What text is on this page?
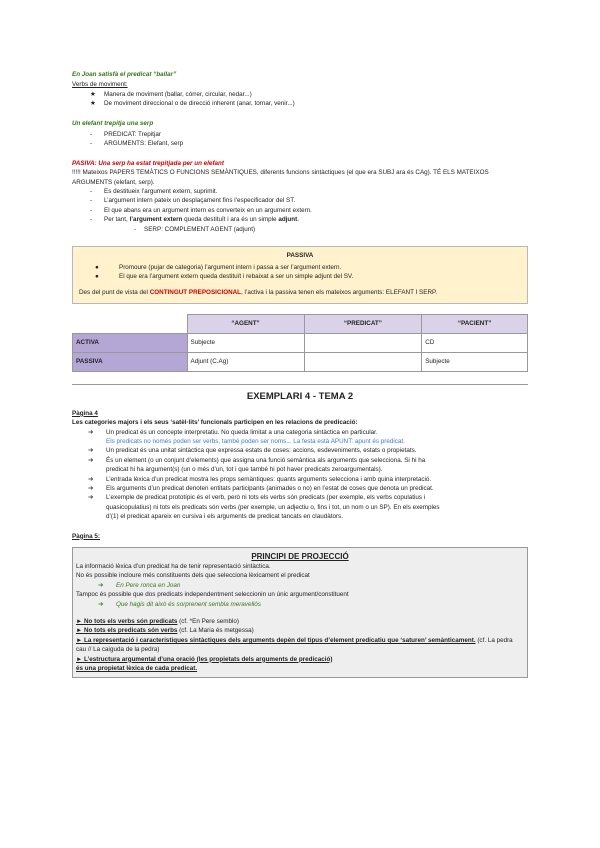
En Joan satisfà el predicat “ballar”
Verbs de moviment:
★ Manera de moviment (ballar, córrer, circular, nedar...)
★ De moviment direccional o de direcció inherent (anar, tornar, venir...)
Un elefant trepitja una serp
- PREDICAT: Trepitjar
- ARGUMENTS: Elefant, serp
PASIVA: Una serp ha estat trepitjada per un elefant
!!!!! Mateixos PAPERS TEMÀTICS O FUNCIONS SEMÀNTIQUES, diferents funcions sintàctiques (el que era SUBJ ara és CAg). TÉ ELS MATEIXOS ARGUMENTS (elefant, serp).
- Es destitueix l’argument extern, suprimit.
- L’argument intern pateix un desplaçament fins l’especificador del ST.
- El que abans era un argument intern es converteix en un argument extern.
- Per tant, l’argument extern queda destituït i ara és un simple adjunt.
- SERP: COMPLEMENT AGENT (adjunt)
PASSIVA
●	Promoure (pujar de categoria) l’argument intern i passa a ser l’argument extern.
●	El que era l’argument extern queda destituït i rebaixat a ser un simple adjunt del SV.
Des del punt de vista del CONTINGUT PREPOSICIONAL, l’activa i la passiva tenen els mateixos arguments: ELEFANT I SERP.
	“AGENT”	“PREDICAT”	“PACIENT”
ACTIVA	Subjecte		CD
PASSIVA	Adjunt (C.Ag)		Subjecte
EXEMPLARI 4 - TEMA 2
Pàgina 4
Les categories majors i els seus ‘satèl·lits’ funcionals participen en les relacions de predicació:
➔ Un predicat és un concepte interpretatiu. No queda limitat a una categoria sintàctica en particular.
Els predicats no només poden ser verbs, també poden ser noms... La festa està APUNT: apunt és predicat.
➔ Un predicat és una unitat sintàctica que expressa estats de coses: accions, esdeveniments, estats o propietats.
➔ És un element (o un conjunt d’elements) que assigna una funció semàntica als arguments que selecciona. Si hi ha
predicat hi ha argument(s) (un o més d’un, tot i que també hi pot haver predicats zeroargumentals).
➔ L’entrada lèxica d’un predicat mostra les props semàntiques: quants arguments selecciona i amb quina interpretació.
➔ Els arguments d’un predicat denoten entitats participants (animades o no) en l’estat de coses que denota un predicat.
➔ L’exemple de predicat prototípic és el verb, però ni tots els verbs són predicats (per exemple, els verbs copulatius i
quasicopulatius) ni tots els predicats són verbs (per exemple, un adjectiu o, fins i tot, un nom o un SP). En els exemples
d’(1) el predicat apareix en cursiva i els arguments de predicat tancats en claudàtors.
Pàgina 5:
PRINCIPI DE PROJECCIÓ
La informació lèxica d’un predicat ha de tenir representació sintàctica.
No és possible incloure més constituents dels que selecciona lèxicament el predicat
➔ En Pere ronca en Joan
Tampoc és possible que dos predicats independentment seleccionin un únic argument/constituent
➔ Que hagis dit això és sorprenent sembla meravellós
► No tots els verbs són predicats (cf. *En Pere semblo)
► No tots els predicats són verbs (cf. La Maria és metgessa)
► La representació i característiques sintàctiques dels arguments depèn del tipus d’element predicatiu que ‘saturen’ semànticament. (cf. La pedra cau // La caiguda de la pedra)
► L’estructura argumental d’una oració (les propietats dels arguments de predicació)
és una propietat lèxica de cada predicat.
